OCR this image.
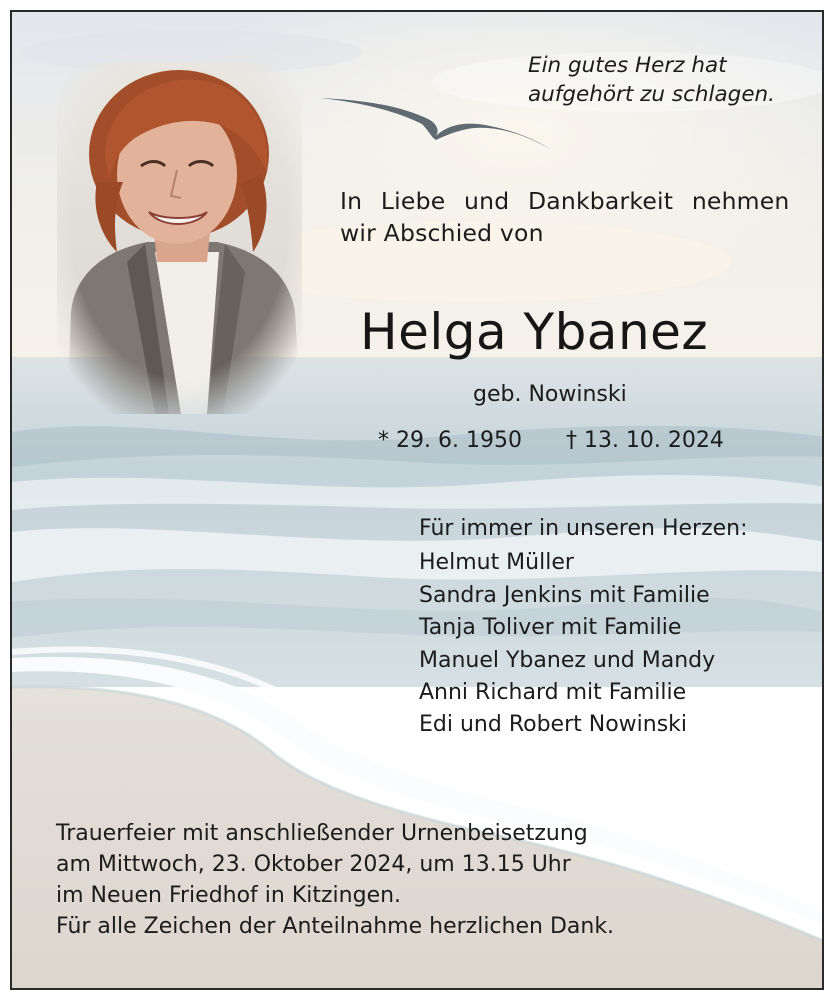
Ein gutes Herz hat
aufgehört zu schlagen.
In Liebe und Dankbarkeit nehmen
wir Abschied von
Helga Ybanez
geb. Nowinski
* 29. 6. 1950 † 13. 10. 2024
Für immer in unseren Herzen:
Helmut Müller
Sandra Jenkins mit Familie
Tanja Toliver mit Familie
Manuel Ybanez und Mandy
Anni Richard mit Familie
Edi und Robert Nowinski
Trauerfeier mit anschließender Urnenbeisetzung
am Mittwoch, 23. Oktober 2024, um 13.15 Uhr
im Neuen Friedhof in Kitzingen.
Für alle Zeichen der Anteilnahme herzlichen Dank.
